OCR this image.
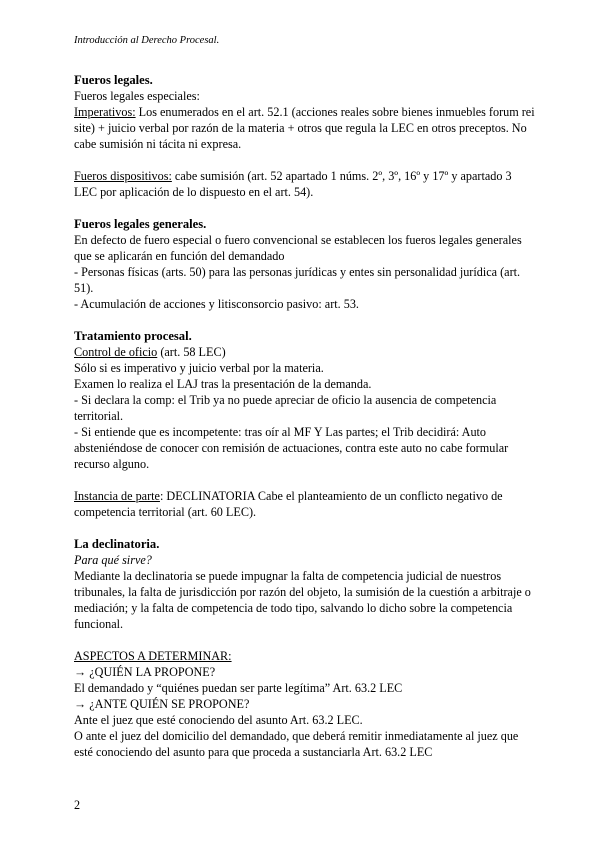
Introducción al Derecho Procesal.
Fueros legales.
Fueros legales especiales:
Imperativos: Los enumerados en el art. 52.1 (acciones reales sobre bienes inmuebles forum rei site) + juicio verbal por razón de la materia + otros que regula la LEC en otros preceptos. No cabe sumisión ni tácita ni expresa.
Fueros dispositivos: cabe sumisión (art. 52 apartado 1 núms. 2º, 3º, 16º y 17º y apartado 3 LEC por aplicación de lo dispuesto en el art. 54).
Fueros legales generales.
En defecto de fuero especial o fuero convencional se establecen los fueros legales generales que se aplicarán en función del demandado
- Personas físicas (arts. 50) para las personas jurídicas y entes sin personalidad jurídica (art. 51).
- Acumulación de acciones y litisconsorcio pasivo: art. 53.
Tratamiento procesal.
Control de oficio (art. 58 LEC)
Sólo si es imperativo y juicio verbal por la materia.
Examen lo realiza el LAJ tras la presentación de la demanda.
- Si declara la comp: el Trib ya no puede apreciar de oficio la ausencia de competencia territorial.
- Si entiende que es incompetente: tras oír al MF Y Las partes; el Trib decidirá: Auto absteniéndose de conocer con remisión de actuaciones, contra este auto no cabe formular recurso alguno.
Instancia de parte: DECLINATORIA Cabe el planteamiento de un conflicto negativo de competencia territorial (art. 60 LEC).
La declinatoria.
Para qué sirve?
Mediante la declinatoria se puede impugnar la falta de competencia judicial de nuestros tribunales, la falta de jurisdicción por razón del objeto, la sumisión de la cuestión a arbitraje o mediación; y la falta de competencia de todo tipo, salvando lo dicho sobre la competencia funcional.
ASPECTOS A DETERMINAR:
→ ¿QUIÉN LA PROPONE?
El demandado y “quiénes puedan ser parte legítima” Art. 63.2 LEC
→ ¿ANTE QUIÉN SE PROPONE?
Ante el juez que esté conociendo del asunto Art. 63.2 LEC.
O ante el juez del domicilio del demandado, que deberá remitir inmediatamente al juez que esté conociendo del asunto para que proceda a sustanciarla Art. 63.2 LEC
2
